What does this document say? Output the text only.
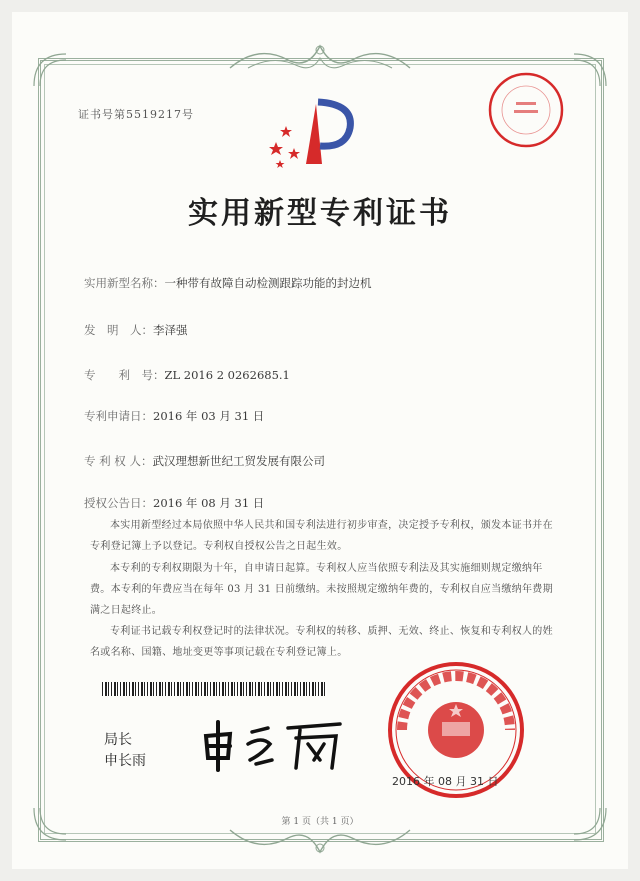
证书号第5519217号
实用新型专利证书
实用新型名称：一种带有故障自动检测跟踪功能的封边机
发　明　人：李泽强
专　　利　号：ZL 2016 2 0262685.1
专利申请日：2016 年 03 月 31 日
专 利 权 人：武汉理想新世纪工贸发展有限公司
授权公告日：2016 年 08 月 31 日
本实用新型经过本局依照中华人民共和国专利法进行初步审查，决定授予专利权，颁发本证书并在专利登记簿上予以登记。专利权自授权公告之日起生效。
本专利的专利权期限为十年，自申请日起算。专利权人应当依照专利法及其实施细则规定缴纳年费。本专利的年费应当在每年 03 月 31 日前缴纳。未按照规定缴纳年费的，专利权自应当缴纳年费期满之日起终止。
专利证书记载专利权登记时的法律状况。专利权的转移、质押、无效、终止、恢复和专利权人的姓名或名称、国籍、地址变更等事项记载在专利登记簿上。
局长
申长雨
2016 年 08 月 31 日
第 1 页（共 1 页）
